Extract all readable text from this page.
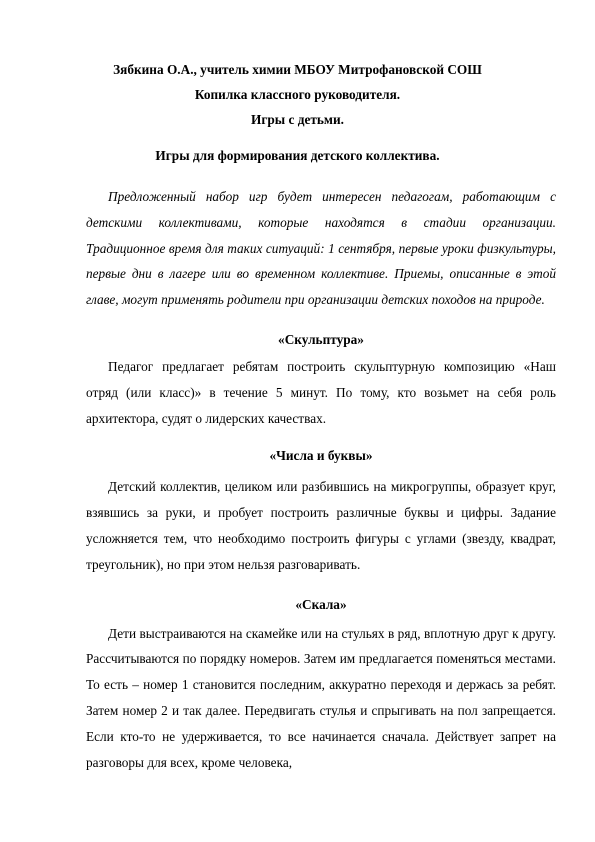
Зябкина О.А., учитель химии МБОУ Митрофановской СОШ

Копилка классного руководителя.

Игры с детьми.

Игры для формирования детского коллектива.

Предложенный набор игр будет интересен педагогам, работающим с детскими коллективами, которые находятся в стадии организации. Традиционное время для таких ситуаций: 1 сентября, первые уроки физкультуры, первые дни в лагере или во временном коллективе. Приемы, описанные в этой главе, могут применять родители при организации детских походов на природе.

«Скульптура»

Педагог предлагает ребятам построить скульптурную композицию «Наш отряд (или класс)» в течение 5 минут. По тому, кто возьмет на себя роль архитектора, судят о лидерских качествах.

«Числа и буквы»

Детский коллектив, целиком или разбившись на микрогруппы, образует круг, взявшись за руки, и пробует построить различные буквы и цифры. Задание усложняется тем, что необходимо построить фигуры с углами (звезду, квадрат, треугольник), но при этом нельзя разговаривать.

«Скала»

Дети выстраиваются на скамейке или на стульях в ряд, вплотную друг к другу. Рассчитываются по порядку номеров. Затем им предлагается поменяться местами. То есть – номер 1 становится последним, аккуратно переходя и держась за ребят. Затем номер 2 и так далее. Передвигать стулья и спрыгивать на пол запрещается. Если кто-то не удерживается, то все начинается сначала. Действует запрет на разговоры для всех, кроме человека,
